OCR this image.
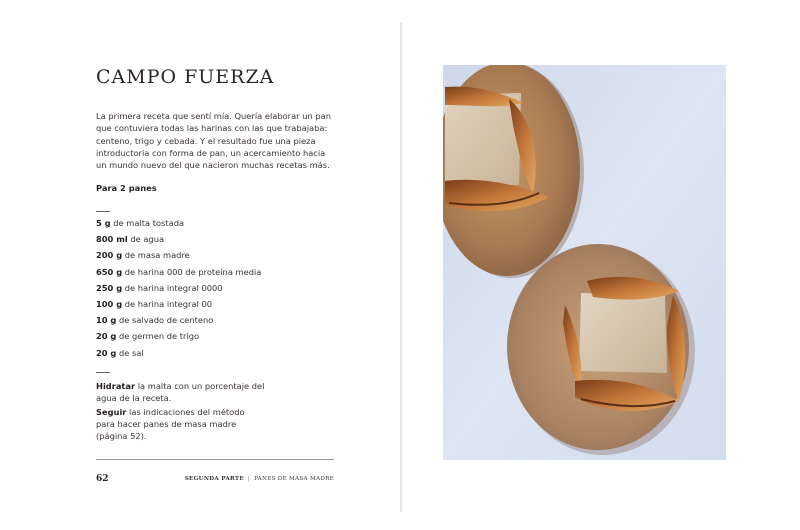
CAMPO FUERZA

La primera receta que sentí mía. Quería elaborar un pan que contuviera todas las harinas con las que trabajaba: centeno, trigo y cebada. Y el resultado fue una pieza introductoria con forma de pan, un acercamiento hacia un mundo nuevo del que nacieron muchas recetas más.

Para 2 panes
5 g de malta tostada
800 ml de agua
200 g de masa madre
650 g de harina 000 de proteína media
250 g de harina integral 0000
100 g de harina integral 00
10 g de salvado de centeno
20 g de germen de trigo
20 g de sal

Hidratar la malta con un porcentaje del agua de la receta.

Seguir las indicaciones del método para hacer panes de masa madre (página 52).

62	SEGUNDA PARTE | PANES DE MASA MADRE
